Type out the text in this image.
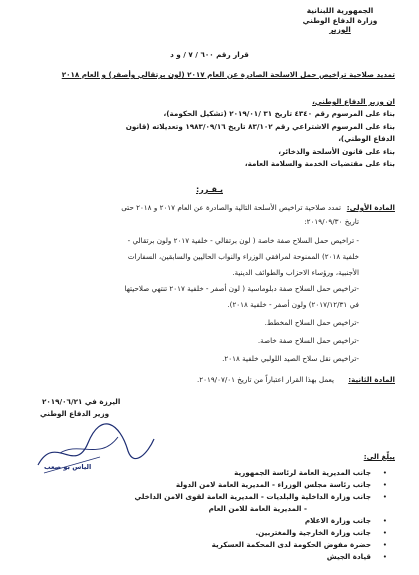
الجمهورية اللبنانية
وزارة الدفاع الوطني
الوزير
قرار رقم ٦٠٠ / ٧ / و د
تمديد صلاحية تراخيص حمل الاسلحة الصادرة عن العام ٢٠١٧ (لون برتقالي وأصفر) و العام ٢٠١٨
ان وزير الدفاع الوطني،
بناء على المرسوم رقم ٤٣٤٠ تاريخ ٣١ /٢٠١٩/٠١ (تشكيل الحكومة)،
بناء على المرسوم الاشتراعي رقم ٨٣/١٠٢ تاريخ ١٩٨٣/٠٩/١٦ وتعديلاته (قانون
الدفاع الوطني)،
بناء على قانون الأسلحة والذخائر،
بناء على مقتضيات الخدمة والسلامة العامة،
يـقـرر:
المادة الأولى:
تمدد صلاحية تراخيص الأسلحة التالية والصادرة عن العام ٢٠١٧ و ٢٠١٨ حتى
تاريخ ٢٠١٩/٠٩/٣٠:
- تراخيص حمل السلاح صفة خاصة ( لون برتقالي - خلفية ٢٠١٧ ولون برتقالي -
خلفية ٢٠١٨) الممنوحة لمرافقي الوزراء والنواب الحاليين والسابقين، السفارات
الأجنبية، ورؤساء الاحزاب والطوائف الدينية.
-تراخيص حمل السلاح صفة دبلوماسية ( لون أصفر - خلفية ٢٠١٧ تنتهي صلاحيتها
في ٢٠١٧/١٢/٣١) ولون أصفر - خلفية ٢٠١٨).
-تراخيص حمل السلاح المخطط.
-تراخيص حمل السلاح صفة خاصة.
-تراخيص نقل سلاح الصيد اللولبي خلفية ٢٠١٨.
المادة الثانية:
يعمل بهذا القرار اعتباراً من تاريخ ٢٠١٩/٠٧/٠١.
اليرزة في ٢٠١٩/٠٦/٢١
وزير الدفاع الوطني
الياس بو صعب
يبلّغ الى:
جانب المديرية العامة لرئاسة الجمهورية
جانب رئاسة مجلس الوزراء - المديرية العامة لامن الدولة
جانب وزارة الداخلية والبلديات - المديرية العامة لقوى الامن الداخلي
- المديرية العامة للامن العام
جانب وزارة الاعلام
جانب وزارة الخارجية والمغتربين.
حضرة مفوض الحكومة لدى المحكمة العسكرية
قيادة الجيش
•
•
•
•
•
•
•
